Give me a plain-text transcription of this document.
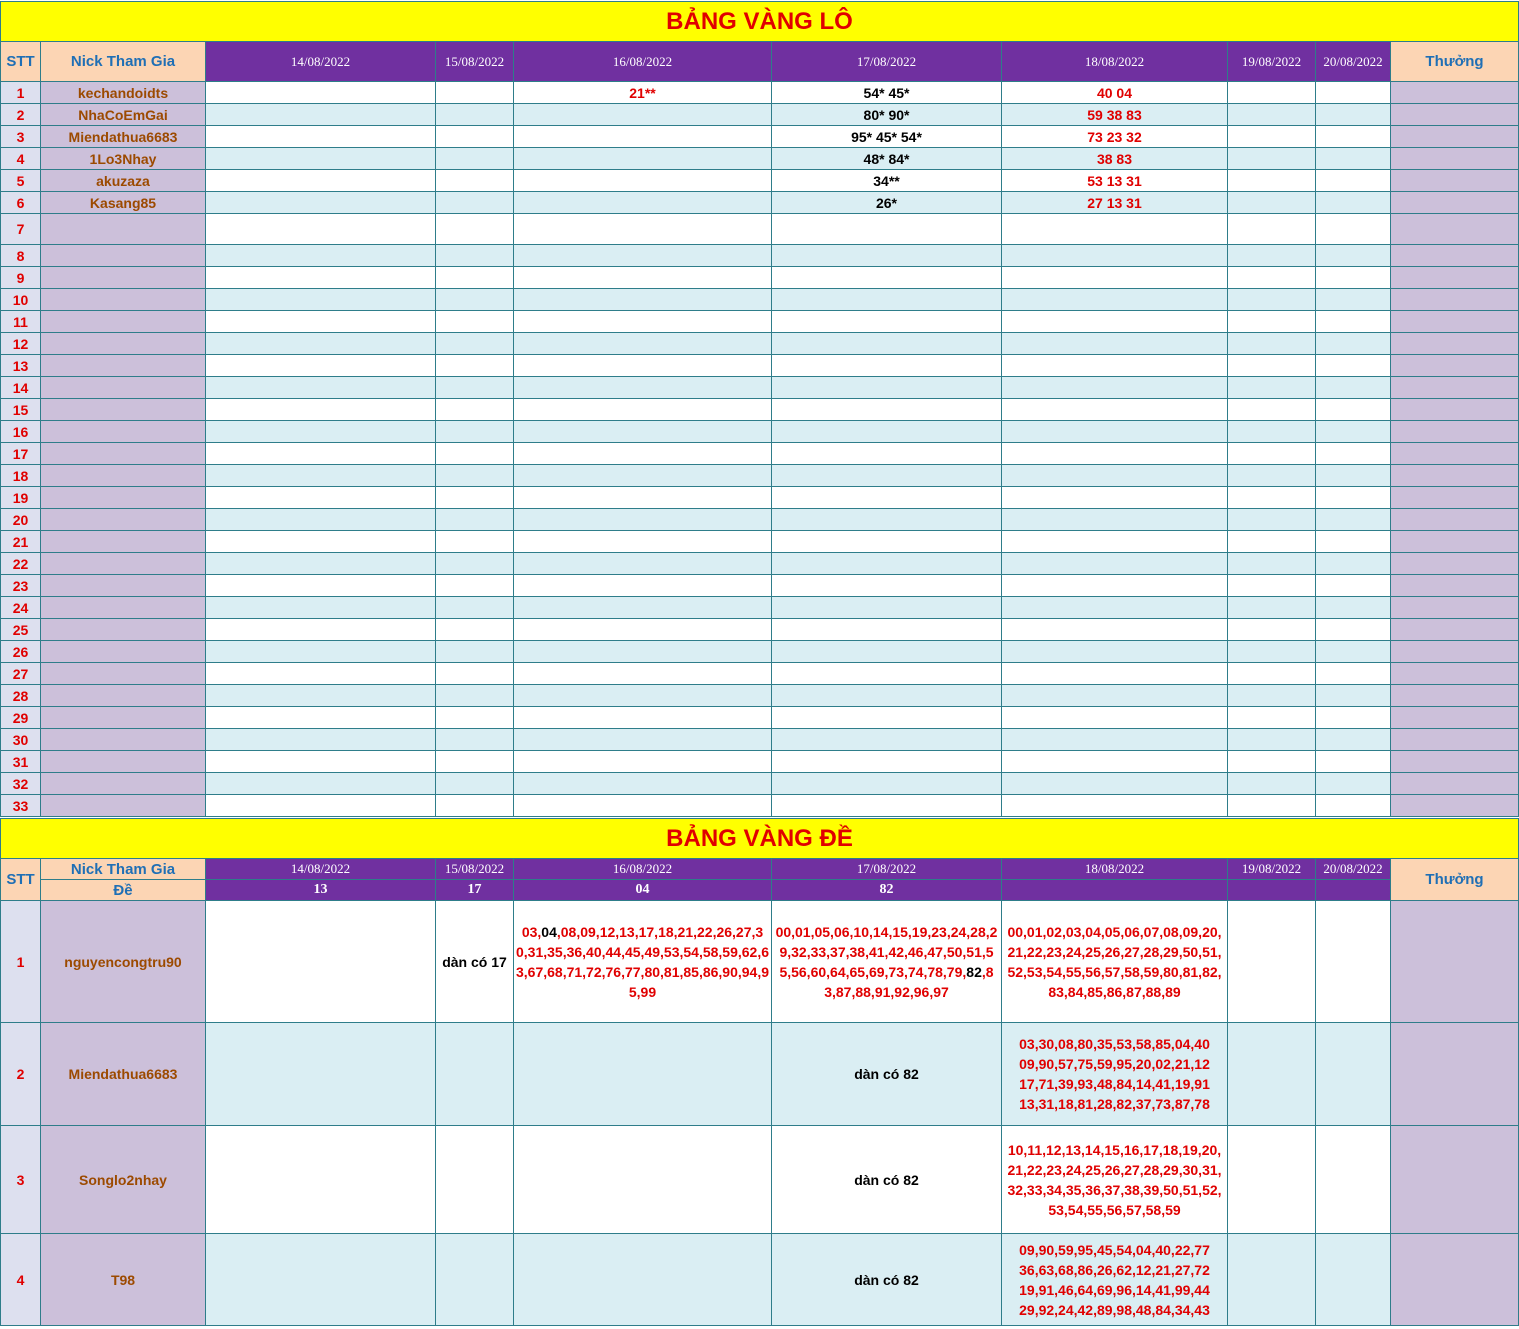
BẢNG VÀNG LÔ									
STT	Nick Tham Gia	14/08/2022	15/08/2022	16/08/2022	17/08/2022	18/08/2022	19/08/2022	20/08/2022	Thưởng
1	kechandoidts			21**	54* 45*	40 04			
2	NhaCoEmGai				80* 90*	59 38 83			
3	Miendathua6683				95* 45* 54*	73 23 32			
4	1Lo3Nhay				48* 84*	38 83			
5	akuzaza				34**	53 13 31			
6	Kasang85				26*	27 13 31			
7									
8									
9									
10									
11									
12									
13									
14									
15									
16									
17									
18									
19									
20									
21									
22									
23									
24									
25									
26									
27									
28									
29									
30									
31									
32									
33									
BẢNG VÀNG ĐỀ									
STT	Nick Tham Gia	14/08/2022	15/08/2022	16/08/2022	17/08/2022	18/08/2022	19/08/2022	20/08/2022	Thưởng
	Đề	13	17	04	82				
1	nguyencongtru90		dàn có 17	03,04,08,09,12,13,17,18,21,22,26,27,30,31,35,36,40,44,45,49,53,54,58,59,62,63,67,68,71,72,76,77,80,81,85,86,90,94,95,99	00,01,05,06,10,14,15,19,23,24,28,29,32,33,37,38,41,42,46,47,50,51,55,56,60,64,65,69,73,74,78,79,82,83,87,88,91,92,96,97	00,01,02,03,04,05,06,07,08,09,20,21,22,23,24,25,26,27,28,29,50,51,52,53,54,55,56,57,58,59,80,81,82,83,84,85,86,87,88,89			

2	Miendathua6683				dàn có 82	03,30,08,80,35,53,58,85,04,40 09,90,57,75,59,95,20,02,21,12 17,71,39,93,48,84,14,41,19,91 13,31,18,81,28,82,37,73,87,78			

3	Songlo2nhay				dàn có 82	10,11,12,13,14,15,16,17,18,19,20,21,22,23,24,25,26,27,28,29,30,31,32,33,34,35,36,37,38,39,50,51,52,53,54,55,56,57,58,59			

4	T98				dàn có 82	09,90,59,95,45,54,04,40,22,77 36,63,68,86,26,62,12,21,27,72 19,91,46,64,69,96,14,41,99,44 29,92,24,42,89,98,48,84,34,43			
